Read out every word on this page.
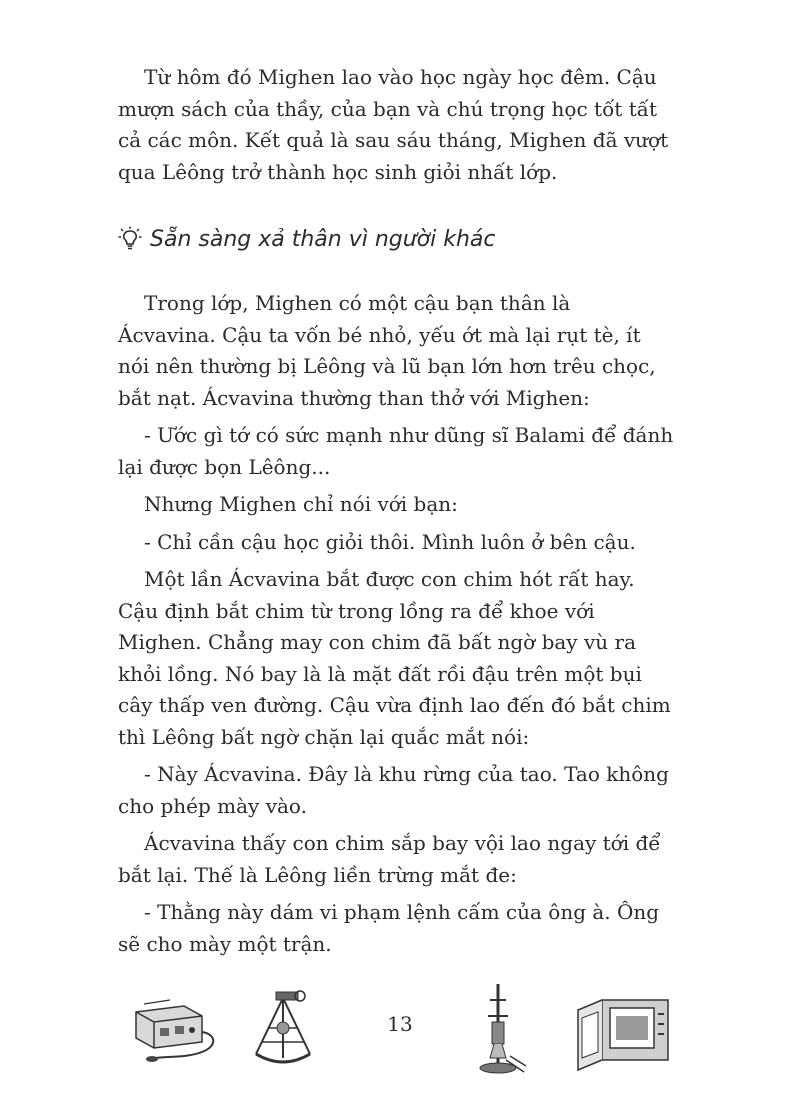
Từ hôm đó Mighen lao vào học ngày học đêm. Cậu mượn sách của thầy, của bạn và chú trọng học tốt tất cả các môn. Kết quả là sau sáu tháng, Mighen đã vượt qua Lêông trở thành học sinh giỏi nhất lớp.

Sẵn sàng xả thân vì người khác

Trong lớp, Mighen có một cậu bạn thân là Ácvavina. Cậu ta vốn bé nhỏ, yếu ớt mà lại rụt tè, ít nói nên thường bị Lêông và lũ bạn lớn hơn trêu chọc, bắt nạt. Ácvavina thường than thở với Mighen:

- Ước gì tớ có sức mạnh như dũng sĩ Balami để đánh lại được bọn Lêông...

Nhưng Mighen chỉ nói với bạn:

- Chỉ cần cậu học giỏi thôi. Mình luôn ở bên cậu.

Một lần Ácvavina bắt được con chim hót rất hay. Cậu định bắt chim từ trong lồng ra để khoe với Mighen. Chẳng may con chim đã bất ngờ bay vù ra khỏi lồng. Nó bay là là mặt đất rồi đậu trên một bụi cây thấp ven đường. Cậu vừa định lao đến đó bắt chim thì Lêông bất ngờ chặn lại quắc mắt nói:

- Này Ácvavina. Đây là khu rừng của tao. Tao không cho phép mày vào.

Ácvavina thấy con chim sắp bay vội lao ngay tới để bắt lại. Thế là Lêông liền trừng mắt đe:

- Thằng này dám vi phạm lệnh cấm của ông à. Ông sẽ cho mày một trận.

13
